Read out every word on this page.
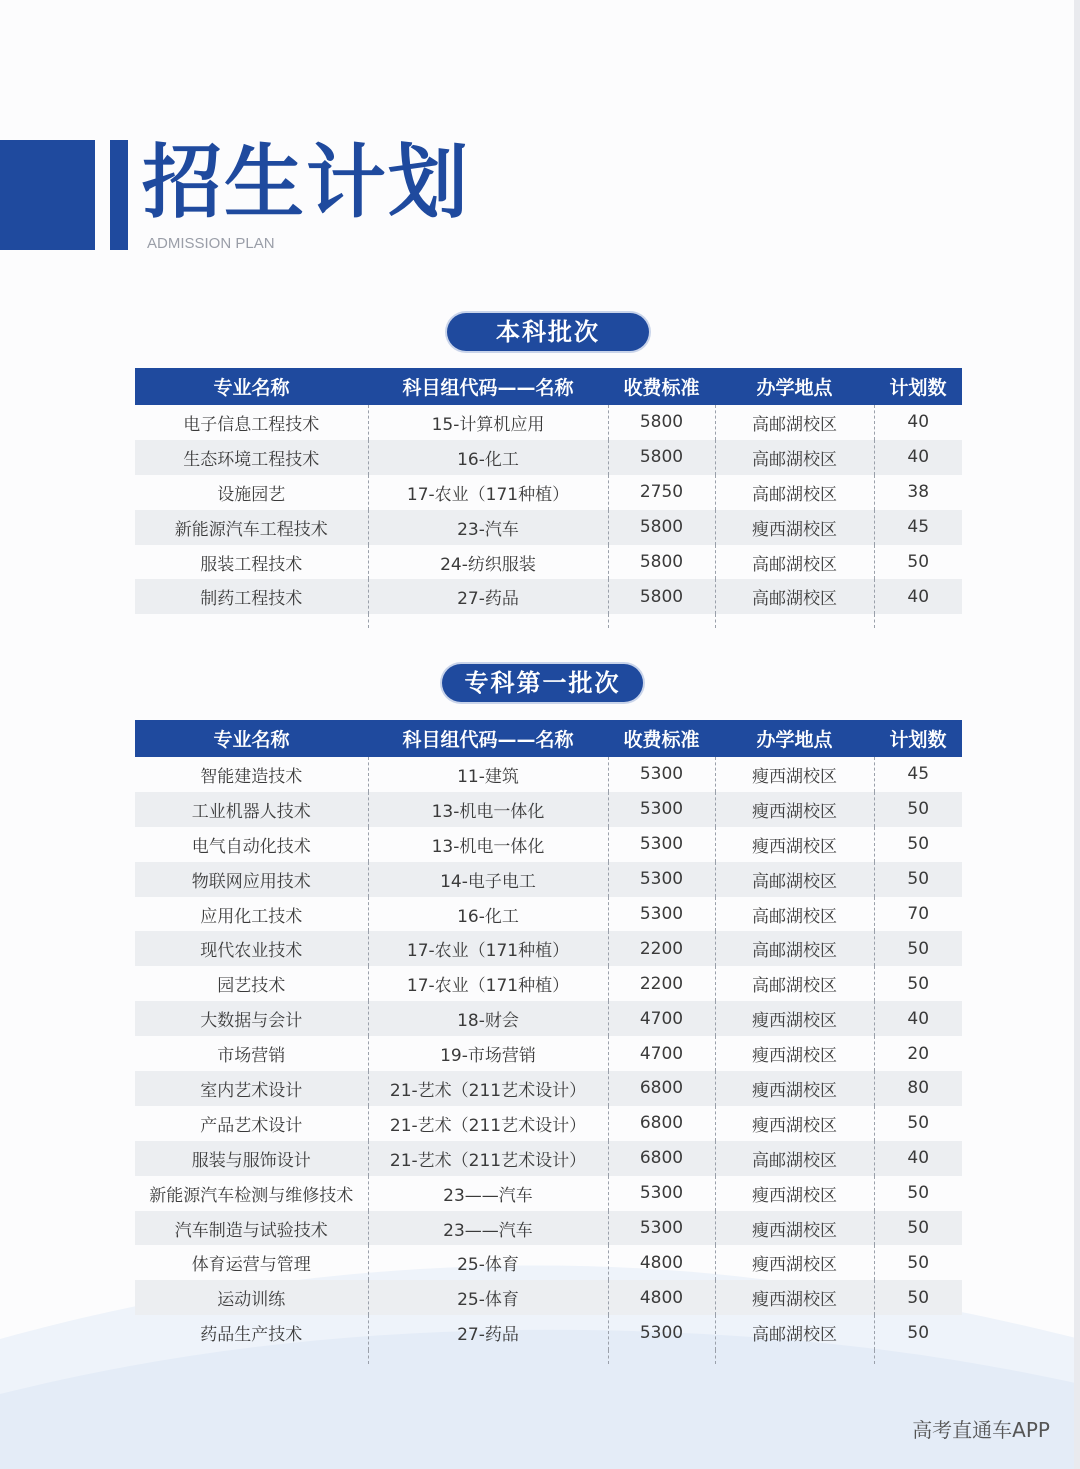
招生计划
ADMISSION PLAN
本科批次
专业名称	科目组代码——名称	收费标准	办学地点	计划数
电子信息工程技术	15-计算机应用	5800	高邮湖校区	40
生态环境工程技术	16-化工	5800	高邮湖校区	40
设施园艺	17-农业（171种植）	2750	高邮湖校区	38
新能源汽车工程技术	23-汽车	5800	瘦西湖校区	45
服装工程技术	24-纺织服装	5800	高邮湖校区	50
制药工程技术	27-药品	5800	高邮湖校区	40

专科第一批次
专业名称	科目组代码——名称	收费标准	办学地点	计划数
智能建造技术	11-建筑	5300	瘦西湖校区	45
工业机器人技术	13-机电一体化	5300	瘦西湖校区	50
电气自动化技术	13-机电一体化	5300	瘦西湖校区	50
物联网应用技术	14-电子电工	5300	高邮湖校区	50
应用化工技术	16-化工	5300	高邮湖校区	70
现代农业技术	17-农业（171种植）	2200	高邮湖校区	50
园艺技术	17-农业（171种植）	2200	高邮湖校区	50
大数据与会计	18-财会	4700	瘦西湖校区	40
市场营销	19-市场营销	4700	瘦西湖校区	20
室内艺术设计	21-艺术（211艺术设计）	6800	瘦西湖校区	80
产品艺术设计	21-艺术（211艺术设计）	6800	瘦西湖校区	50
服装与服饰设计	21-艺术（211艺术设计）	6800	高邮湖校区	40
新能源汽车检测与维修技术	23——汽车	5300	瘦西湖校区	50
汽车制造与试验技术	23——汽车	5300	瘦西湖校区	50
体育运营与管理	25-体育	4800	瘦西湖校区	50
运动训练	25-体育	4800	瘦西湖校区	50
药品生产技术	27-药品	5300	高邮湖校区	50

高考直通车APP
